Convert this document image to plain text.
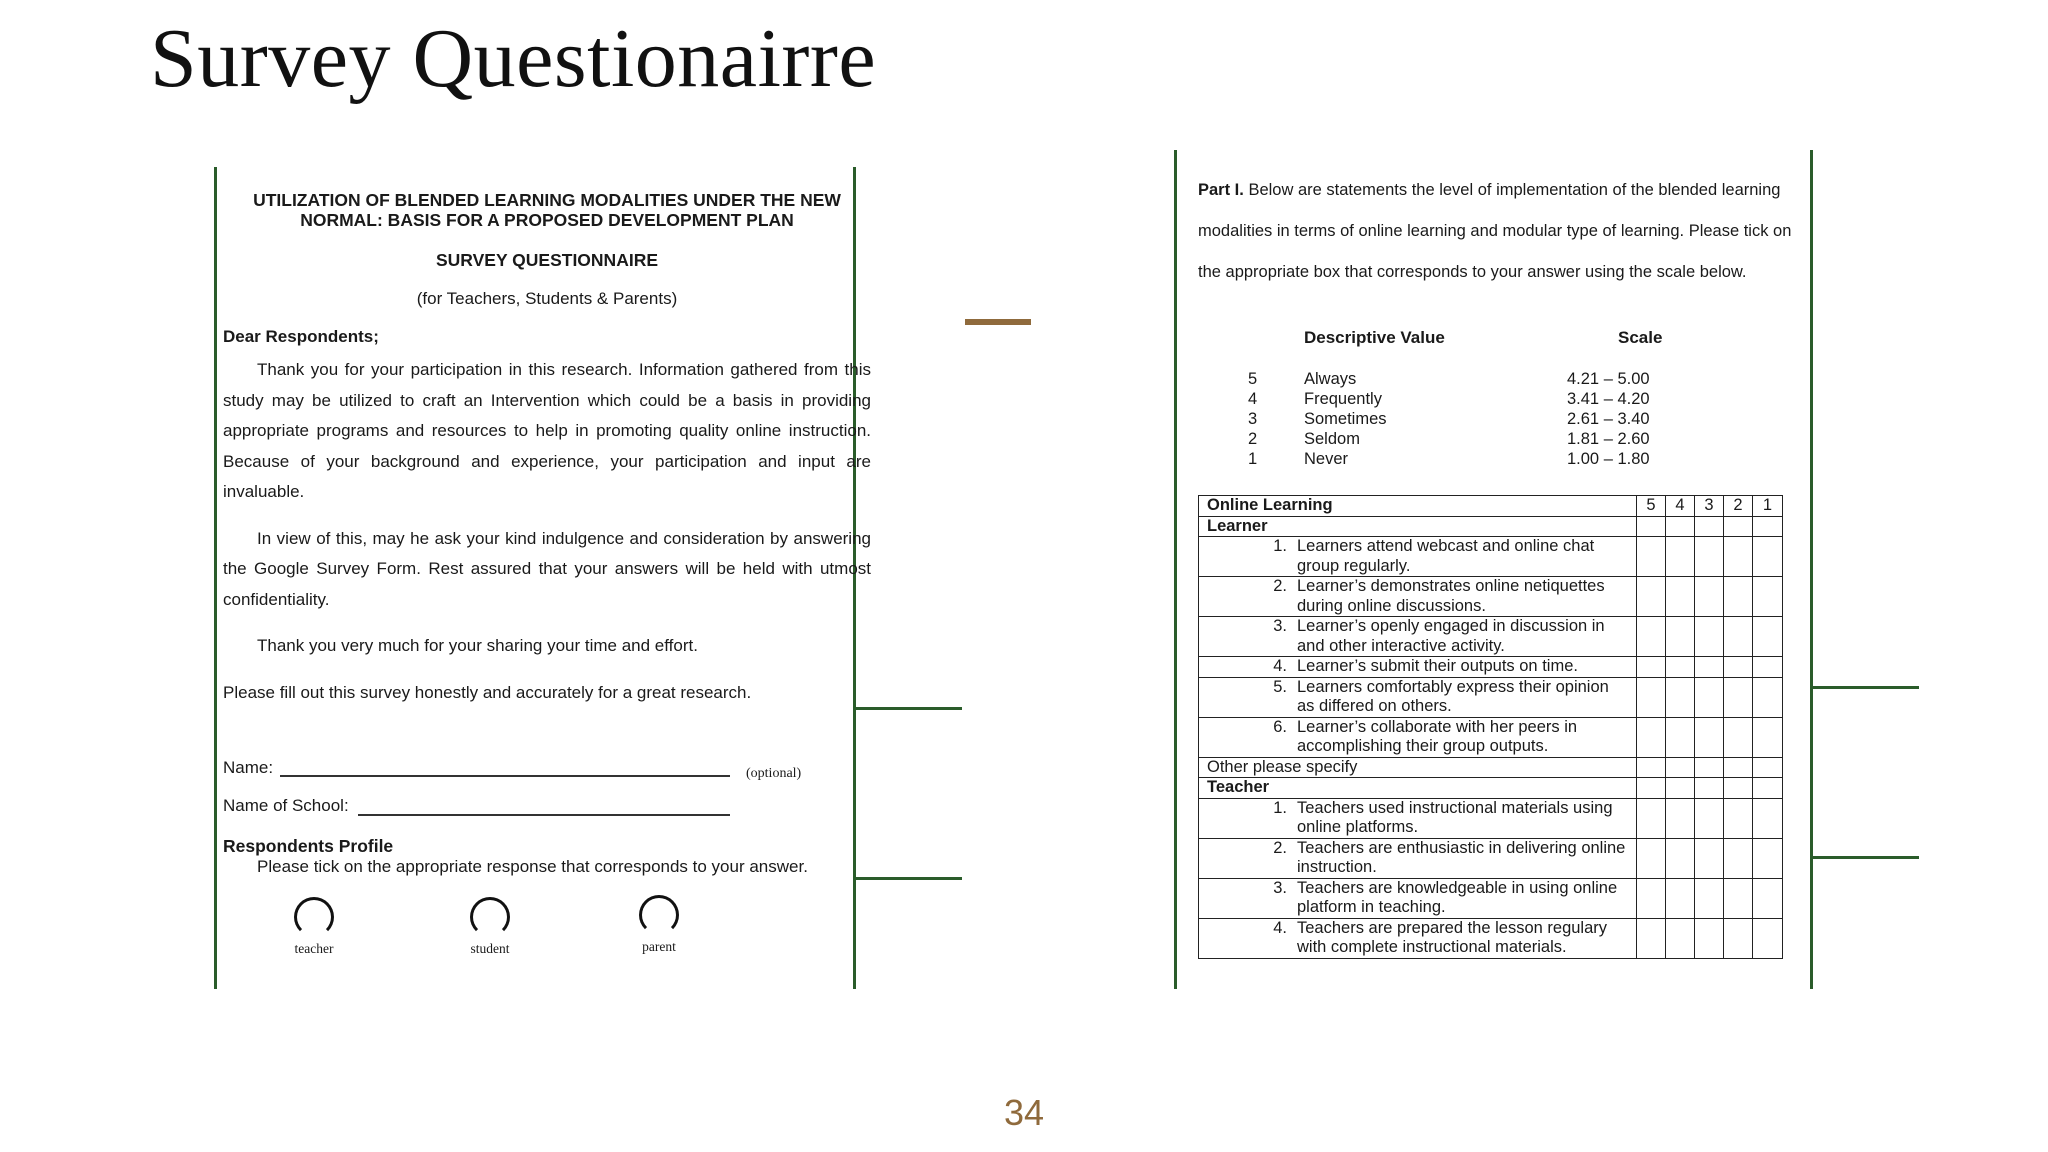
Survey Questionairre
UTILIZATION OF BLENDED LEARNING MODALITIES UNDER THE NEW
NORMAL: BASIS FOR A PROPOSED DEVELOPMENT PLAN
SURVEY QUESTIONNAIRE
(for Teachers, Students & Parents)
Dear Respondents;
Thank you for your participation in this research. Information gathered from this study may be utilized to craft an Intervention which could be a basis in providing appropriate programs and resources to help in promoting quality online instruction. Because of your background and experience, your participation and input are invaluable.
In view of this, may he ask your kind indulgence and consideration by answering the Google Survey Form. Rest assured that your answers will be held with utmost confidentiality.
Thank you very much for your sharing your time and effort.
Please fill out this survey honestly and accurately for a great research.
Name:	(optional)
Name of School:
Respondents Profile
Please tick on the appropriate response that corresponds to your answer.
teacher	student	parent
Part I. Below are statements the level of implementation of the blended learning modalities in terms of online learning and modular type of learning. Please tick on the appropriate box that corresponds to your answer using the scale below.
Descriptive Value	Scale
5	Always	4.21 – 5.00
4	Frequently	3.41 – 4.20
3	Sometimes	2.61 – 3.40
2	Seldom	1.81 – 2.60
1	Never	1.00 – 1.80
Online Learning	5	4	3	2	1
Learner					

1. Learners attend webcast and online chat group regularly.					

2. Learner’s demonstrates online netiquettes during online discussions.					

3. Learner’s openly engaged in discussion in and other interactive activity.					

4. Learner’s submit their outputs on time.					

5. Learners comfortably express their opinion as differed on others.					

6. Learner’s collaborate with her peers in accomplishing their group outputs.					

Other please specify					
Teacher					

1. Teachers used instructional materials using online platforms.					

2. Teachers are enthusiastic in delivering online instruction.					

3. Teachers are knowledgeable in using online platform in teaching.					

4. Teachers are prepared the lesson regulary with complete instructional materials.					

34
